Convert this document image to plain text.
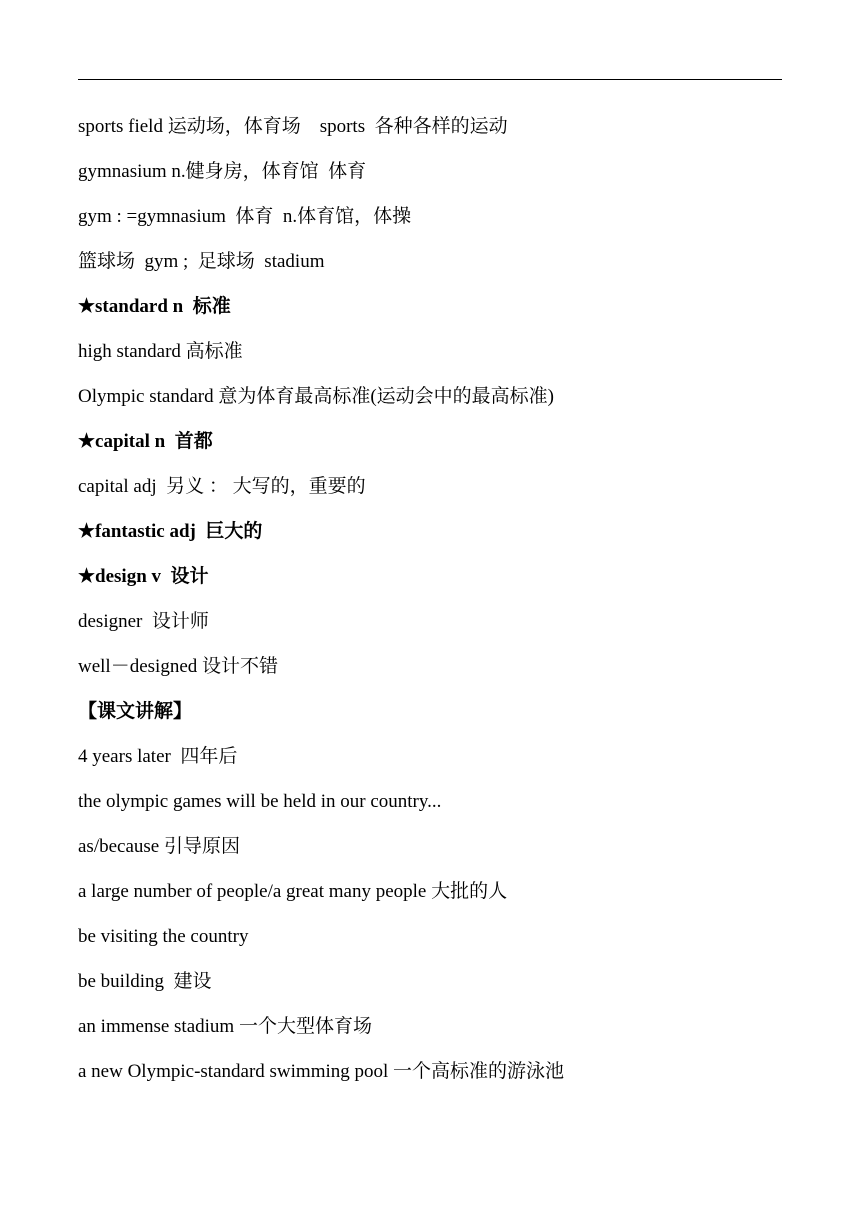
sports field 运动场，体育场    sports  各种各样的运动
gymnasium n.健身房，体育馆  体育
gym : =gymnasium  体育  n.体育馆，体操
篮球场  gym ;  足球场  stadium
★standard n  标准
high standard 高标准
Olympic standard 意为体育最高标准(运动会中的最高标准)
★capital n  首都
capital adj  另义 ： 大写的，重要的
★fantastic adj  巨大的
★design v  设计
designer  设计师
well－designed 设计不错
【课文讲解】
4 years later  四年后
the olympic games will be held in our country...
as/because 引导原因
a large number of people/a great many people 大批的人
be visiting the country
be building  建设
an immense stadium 一个大型体育场
a new Olympic-standard swimming pool 一个高标准的游泳池
